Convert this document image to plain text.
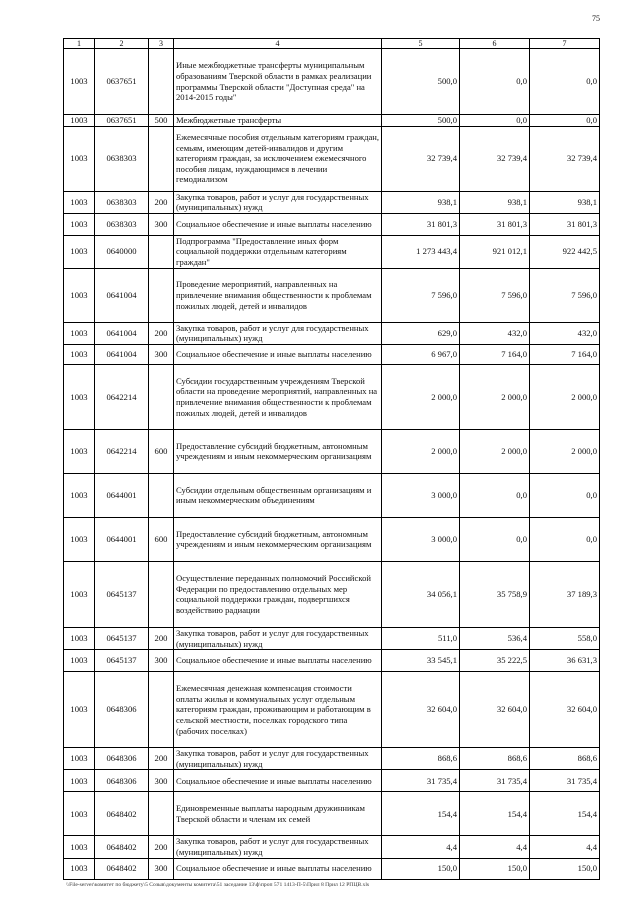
75
1	2	3	4	5	6	7
1003	0637651		Иные межбюджетные трансферты муниципальным образованиям Тверской области в рамках реализации программы Тверской области "Доступная среда" на 2014-2015 годы"	500,0	0,0	0,0
1003	0637651	500	Межбюджетные трансферты	500,0	0,0	0,0
1003	0638303		Ежемесячные пособия отдельным категориям граждан, семьям, имеющим детей-инвалидов и другим категориям граждан, за исключением ежемесячного пособия лицам, нуждающимся в лечении гемодиализом	32 739,4	32 739,4	32 739,4
1003	0638303	200	Закупка товаров, работ и услуг для государственных (муниципальных) нужд	938,1	938,1	938,1
1003	0638303	300	Социальное обеспечение и иные выплаты населению	31 801,3	31 801,3	31 801,3
1003	0640000		Подпрограмма "Предоставление иных форм социальной поддержки отдельным категориям граждан"	1 273 443,4	921 012,1	922 442,5
1003	0641004		Проведение мероприятий, направленных на привлечение внимания общественности к проблемам пожилых людей, детей и инвалидов	7 596,0	7 596,0	7 596,0
1003	0641004	200	Закупка товаров, работ и услуг для государственных (муниципальных) нужд	629,0	432,0	432,0
1003	0641004	300	Социальное обеспечение и иные выплаты населению	6 967,0	7 164,0	7 164,0
1003	0642214		Субсидии государственным учреждениям Тверской области на проведение мероприятий, направленных на привлечение внимания общественности к проблемам пожилых людей, детей и инвалидов	2 000,0	2 000,0	2 000,0
1003	0642214	600	Предоставление субсидий бюджетным, автономным учреждениям и иным некоммерческим организациям	2 000,0	2 000,0	2 000,0
1003	0644001		Субсидии отдельным общественным организациям и иным некоммерческим объединениям	3 000,0	0,0	0,0
1003	0644001	600	Предоставление субсидий бюджетным, автономным учреждениям и иным некоммерческим организациям	3 000,0	0,0	0,0
1003	0645137		Осуществление переданных полномочий Российской Федерации по предоставлению отдельных мер социальной поддержки граждан, подвергшихся воздействию радиации	34 056,1	35 758,9	37 189,3
1003	0645137	200	Закупка товаров, работ и услуг для государственных (муниципальных) нужд	511,0	536,4	558,0
1003	0645137	300	Социальное обеспечение и иные выплаты населению	33 545,1	35 222,5	36 631,3
1003	0648306		Ежемесячная денежная компенсация стоимости оплаты жилья и коммунальных услуг отдельным категориям граждан, проживающим и работающим в сельской местности, поселках городского типа (рабочих поселках)	32 604,0	32 604,0	32 604,0
1003	0648306	200	Закупка товаров, работ и услуг для государственных (муниципальных) нужд	868,6	868,6	868,6
1003	0648306	300	Социальное обеспечение и иные выплаты населению	31 735,4	31 735,4	31 735,4
1003	0648402		Единовременные выплаты народным дружинникам Тверской области и членам их семей	154,4	154,4	154,4
1003	0648402	200	Закупка товаров, работ и услуг для государственных (муниципальных) нужд	4,4	4,4	4,4
1003	0648402	300	Социальное обеспечение и иные выплаты населению	150,0	150,0	150,0
\\File-server\комитет по бюджету\5 Созыв\документы комитета\51 заседание 13\ф\проп 571 1413-П-5\Прил 8 Прил 12 РПЦВ.xls
